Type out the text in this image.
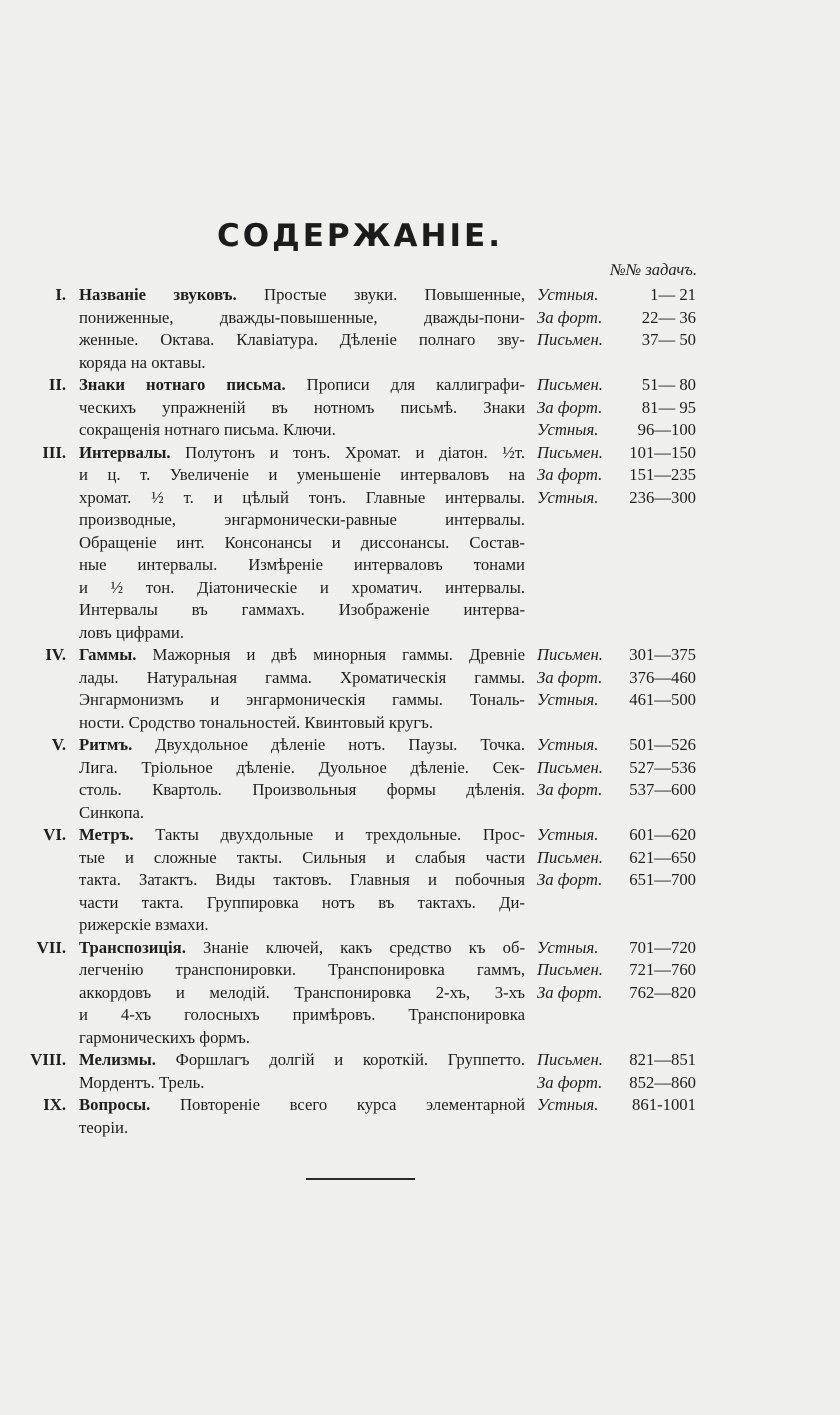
СОДЕРЖАНІЕ.
№№ задачъ.
I. Названіе звуковъ. Простые звуки. Повышенные,
пониженные, дважды-повышенные, дважды-пони-
женные. Октава. Клавіатура. Дѣленіе полнаго зву-
коряда на октавы.
Устныя.	1— 21
За форт.	22— 36
Письмен.	37— 50
II. Знаки нотнаго письма. Прописи для каллиграфи-
ческихъ упражненій въ нотномъ письмѣ. Знаки
сокращенія нотнаго письма. Ключи.
Письмен.	51— 80
За форт.	81— 95
Устныя.	96—100
III. Интервалы. Полутонъ и тонъ. Хромат. и діатон. ½т.
и ц. т. Увеличеніе и уменьшеніе интерваловъ на
хромат. ½ т. и цѣлый тонъ. Главные интервалы.
производные, энгармонически-равные интервалы.
Обращеніе инт. Консонансы и диссонансы. Состав-
ные интервалы. Измѣреніе интерваловъ тонами
и ½ тон. Діатоническіе и хроматич. интервалы.
Интервалы въ гаммахъ. Изображеніе интерва-
ловъ цифрами.
Письмен.	101—150
За форт.	151—235
Устныя.	236—300
IV. Гаммы. Мажорныя и двѣ минорныя гаммы. Древніе
лады. Натуральная гамма. Хроматическія гаммы.
Энгармонизмъ и энгармоническія гаммы. Тональ-
ности. Сродство тональностей. Квинтовый кругъ.
Письмен.	301—375
За форт.	376—460
Устныя.	461—500
V. Ритмъ. Двухдольное дѣленіе нотъ. Паузы. Точка.
Лига. Тріольное дѣленіе. Дуольное дѣленіе. Сек-
столь. Квартоль. Произвольныя формы дѣленія.
Синкопа.
Устныя.	501—526
Письмен.	527—536
За форт.	537—600
VI. Метръ. Такты двухдольные и трехдольные. Прос-
тые и сложные такты. Сильныя и слабыя части
такта. Затактъ. Виды тактовъ. Главныя и побочныя
части такта. Группировка нотъ въ тактахъ. Ди-
рижерскіе взмахи.
Устныя.	601—620
Письмен.	621—650
За форт.	651—700
VII. Транспозиція. Знаніе ключей, какъ средство къ об-
легченію транспонировки. Транспонировка гаммъ,
аккордовъ и мелодій. Транспонировка 2-хъ, 3-хъ
и 4-хъ голосныхъ примѣровъ. Транспонировка
гармоническихъ формъ.
Устныя.	701—720
Письмен.	721—760
За форт.	762—820
VIII. Мелизмы. Форшлагъ долгій и короткій. Группетто.
Мордентъ. Трель.
Письмен.	821—851
За форт.	852—860
IX. Вопросы. Повтореніе всего курса элементарной
теоріи.
Устныя.	861-1001
